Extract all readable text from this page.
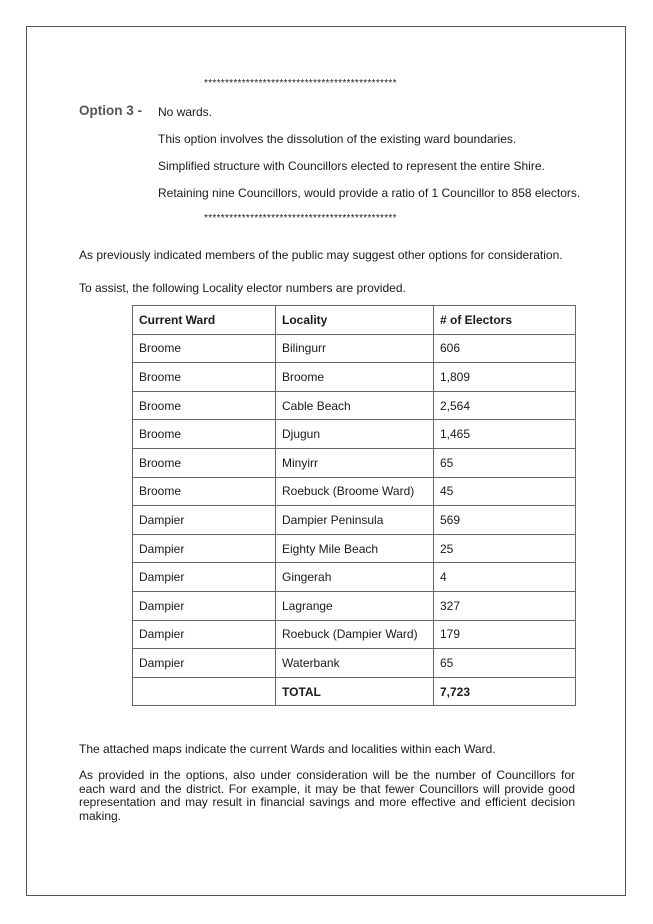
**********************************************
Option 3 - No wards.
This option involves the dissolution of the existing ward boundaries.
Simplified structure with Councillors elected to represent the entire Shire.
Retaining nine Councillors, would provide a ratio of 1 Councillor to 858 electors.
**********************************************
As previously indicated members of the public may suggest other options for consideration.
To assist, the following Locality elector numbers are provided.
Current Ward	Locality	# of Electors
Broome	Bilingurr	606
Broome	Broome	1,809
Broome	Cable Beach	2,564
Broome	Djugun	1,465
Broome	Minyirr	65
Broome	Roebuck (Broome Ward)	45
Dampier	Dampier Peninsula	569
Dampier	Eighty Mile Beach	25
Dampier	Gingerah	4
Dampier	Lagrange	327
Dampier	Roebuck (Dampier Ward)	179
Dampier	Waterbank	65
	TOTAL	7,723
The attached maps indicate the current Wards and localities within each Ward.
As provided in the options, also under consideration will be the number of Councillors for each ward and the district. For example, it may be that fewer Councillors will provide good representation and may result in financial savings and more effective and efficient decision making.
